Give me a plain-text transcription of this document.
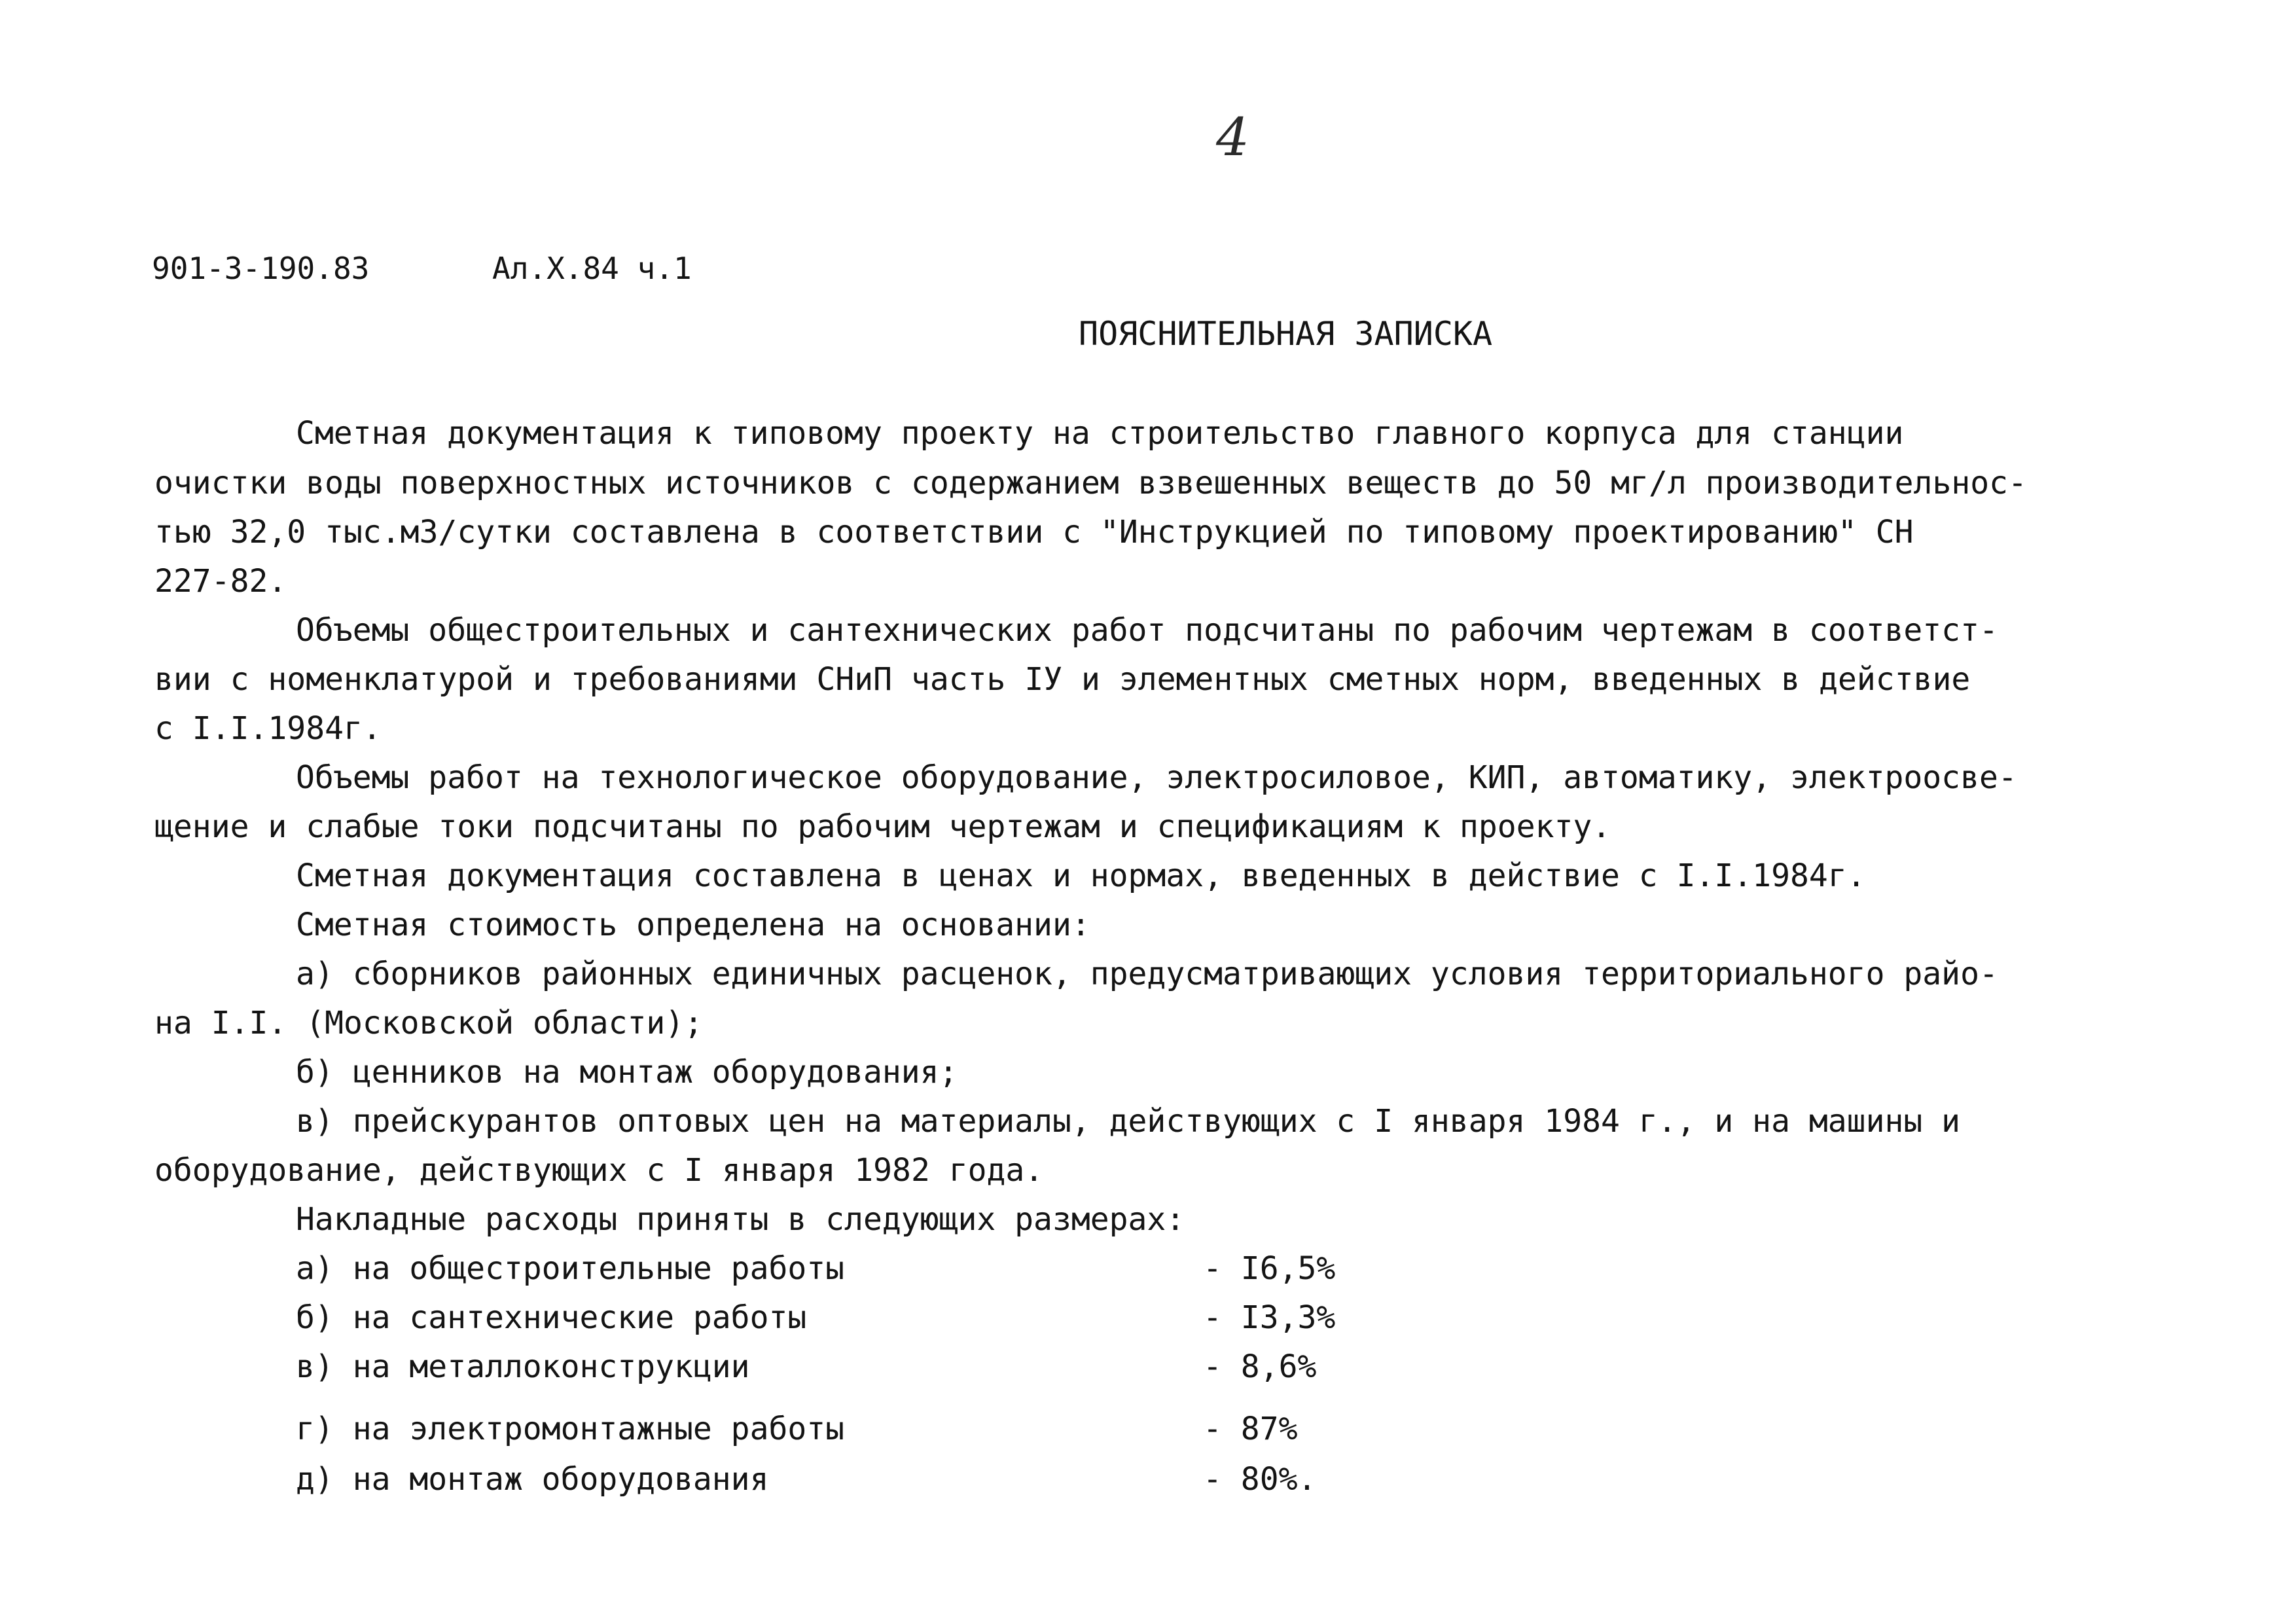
4
901-3-190.83	Ал.Х.84 ч.1
ПОЯСНИТЕЛЬНАЯ ЗАПИСКА
Сметная документация к типовому проекту на строительство главного корпуса для станции
очистки воды поверхностных источников с содержанием взвешенных веществ до 50 мг/л производительнос-
тью 32,0 тыс.м3/сутки составлена в соответствии с "Инструкцией по типовому проектированию" СН
227-82.
Объемы общестроительных и сантехнических работ подсчитаны по рабочим чертежам в соответст-
вии с номенклатурой и требованиями СНиП часть IУ и элементных сметных норм, введенных в действие
с I.I.1984г.
Объемы работ на технологическое оборудование, электросиловое, КИП, автоматику, электроосве-
щение и слабые токи подсчитаны по рабочим чертежам и спецификациям к проекту.
Сметная документация составлена в ценах и нормах, введенных в действие с I.I.1984г.
Сметная стоимость определена на основании:
а) сборников районных единичных расценок, предусматривающих условия территориального райо-
на I.I. (Московской области);
б) ценников на монтаж оборудования;
в) прейскурантов оптовых цен на материалы, действующих с I января 1984 г., и на машины и
оборудование, действующих с I января 1982 года.
Накладные расходы приняты в следующих размерах:
а) на общестроительные работы	- I6,5%
б) на сантехнические работы	- I3,3%
в) на металлоконструкции	- 8,6%
г) на электромонтажные работы	- 87%
д) на монтаж оборудования	- 80%.
